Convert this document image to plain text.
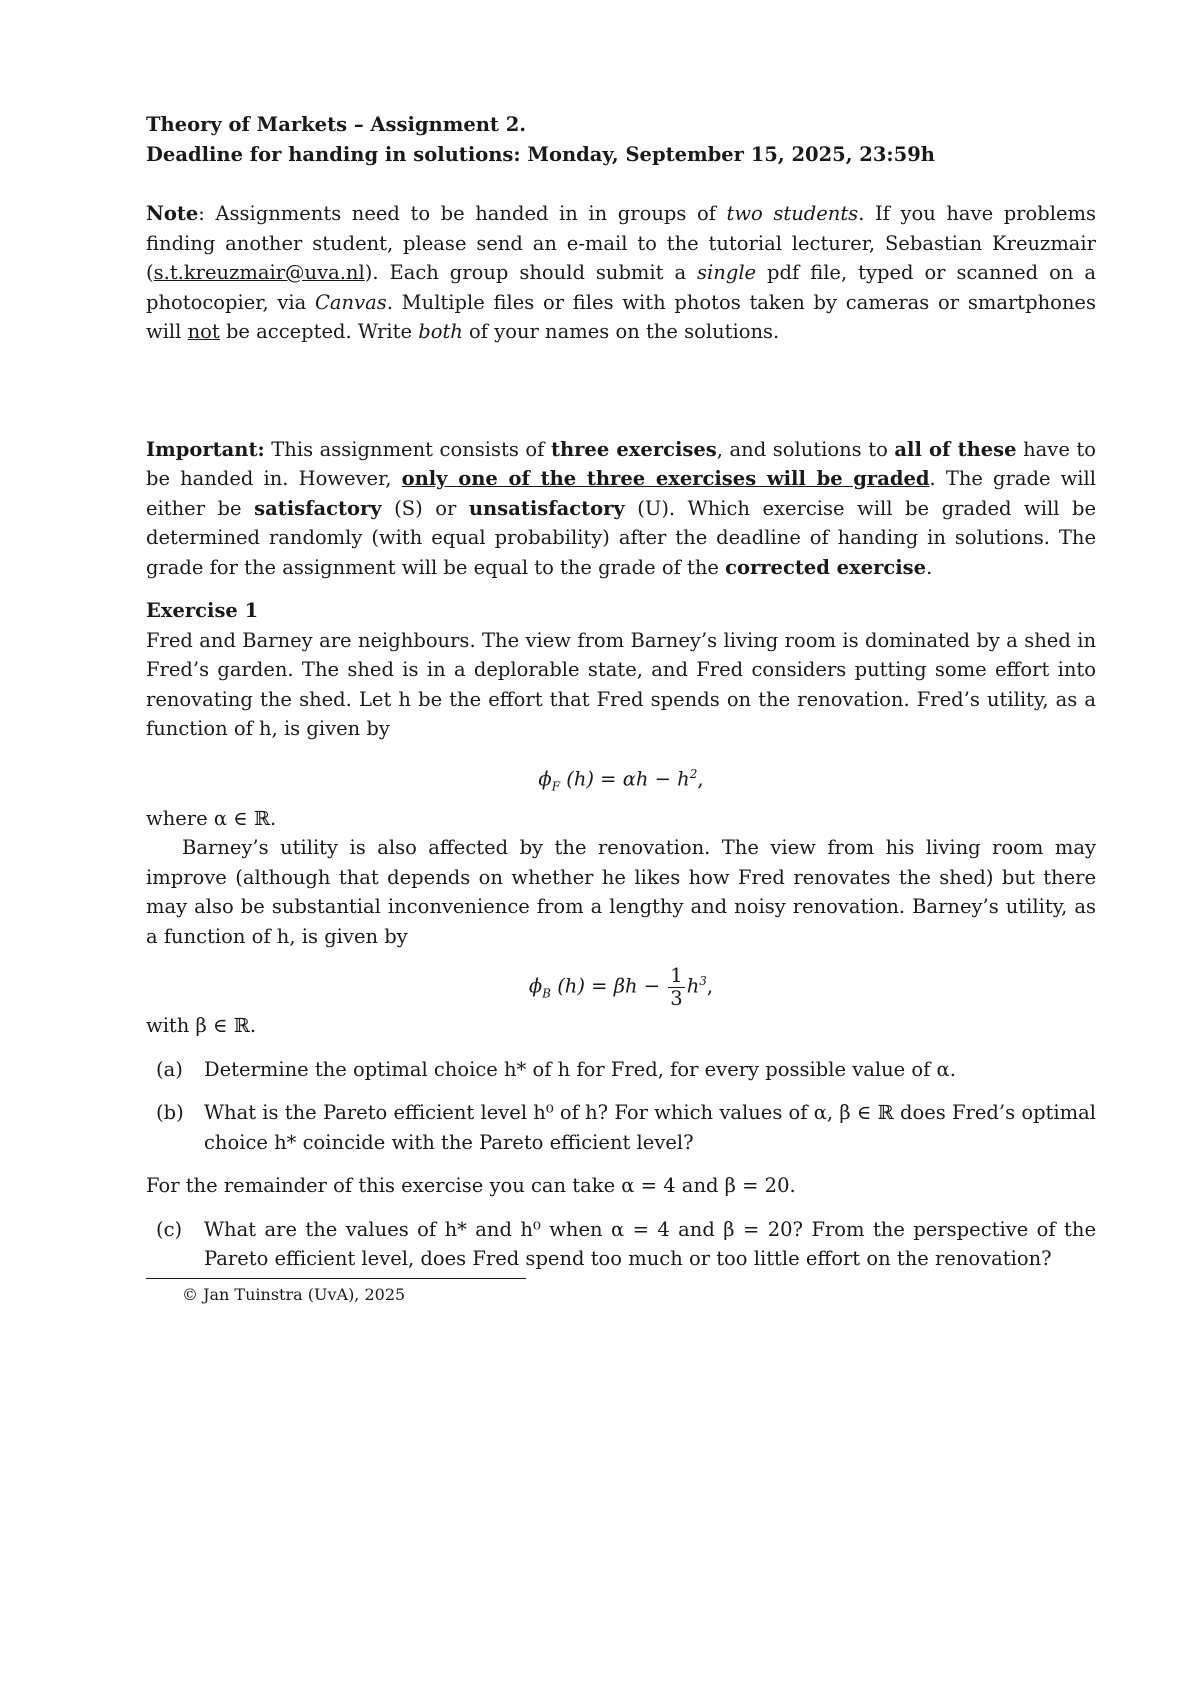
Theory of Markets – Assignment 2.

Deadline for handing in solutions: Monday, September 15, 2025, 23:59h

Note: Assignments need to be handed in in groups of two students. If you have problems finding another student, please send an e-mail to the tutorial lecturer, Sebastian Kreuzmair (s.t.kreuzmair@uva.nl). Each group should submit a single pdf file, typed or scanned on a photocopier, via Canvas. Multiple files or files with photos taken by cameras or smartphones will not be accepted. Write both of your names on the solutions.

Important: This assignment consists of three exercises, and solutions to all of these have to be handed in. However, only one of the three exercises will be graded. The grade will either be satisfactory (S) or unsatisfactory (U). Which exercise will be graded will be determined randomly (with equal probability) after the deadline of handing in solutions. The grade for the assignment will be equal to the grade of the corrected exercise.

Exercise 1

Fred and Barney are neighbours. The view from Barney’s living room is dominated by a shed in Fred’s garden. The shed is in a deplorable state, and Fred considers putting some effort into renovating the shed. Let h be the effort that Fred spends on the renovation. Fred’s utility, as a function of h, is given by

$\phi_F$ $(h) = \alpha h - h^2$,

where α ∈ ℝ.

Barney’s utility is also affected by the renovation. The view from his living room may improve (although that depends on whether he likes how Fred renovates the shed) but there may also be substantial inconvenience from a lengthy and noisy renovation. Barney’s utility, as a function of h, is given by

$\phi_B$ $(h) = \beta h - \frac{1}{3} h^3$,

with β ∈ ℝ.

(a)	Determine the optimal choice h* of h for Fred, for every possible value of α.
(b)	What is the Pareto efficient level h⁰ of h? For which values of α, β ∈ ℝ does Fred’s optimal choice h* coincide with the Pareto efficient level?

For the remainder of this exercise you can take α = 4 and β = 20.

(c)	What are the values of h* and h⁰ when α = 4 and β = 20? From the perspective of the Pareto efficient level, does Fred spend too much or too little effort on the renovation?

© Jan Tuinstra (UvA), 2025
